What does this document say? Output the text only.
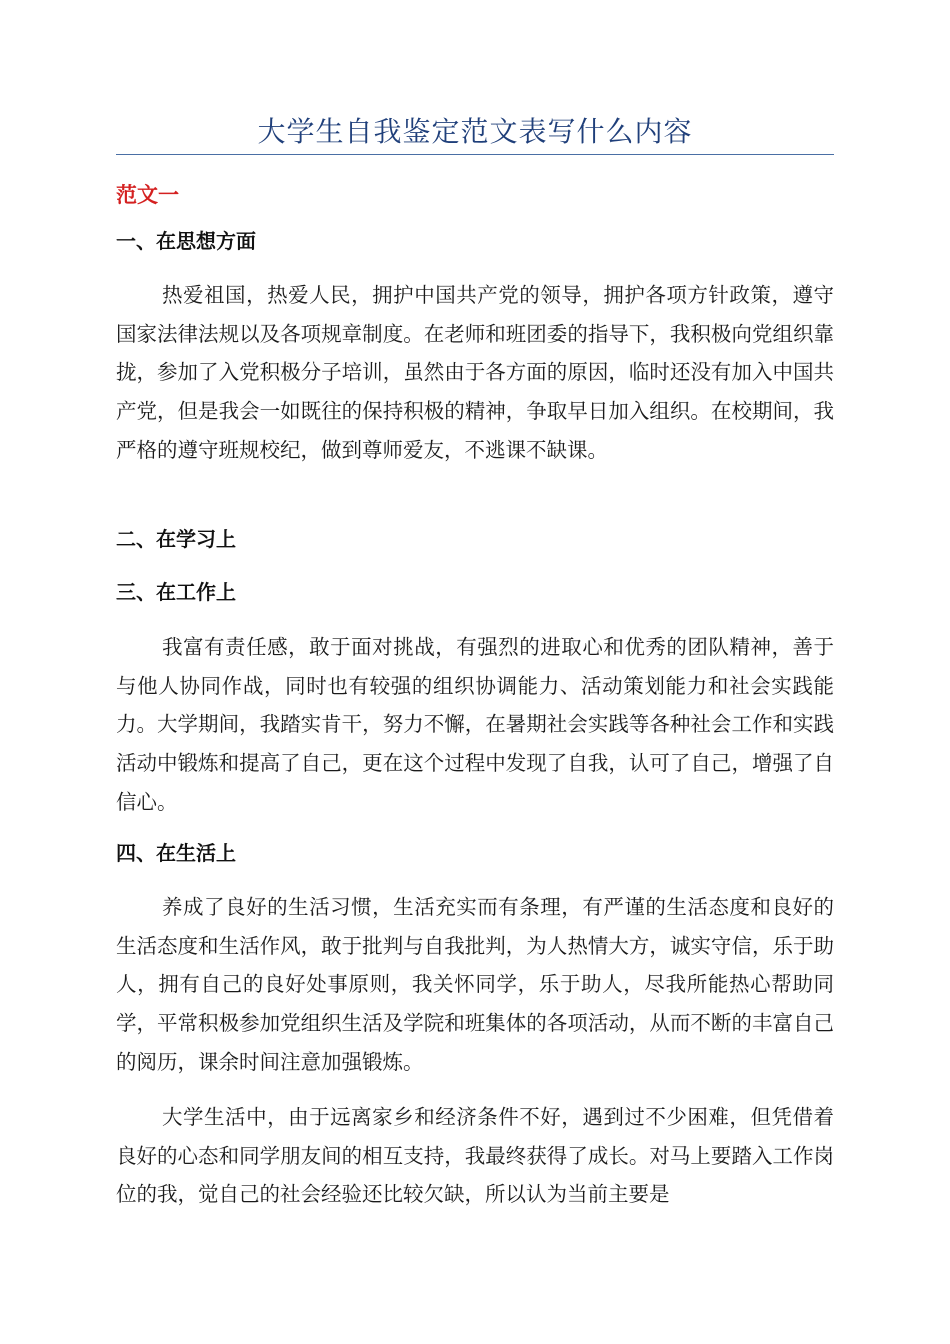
大学生自我鉴定范文表写什么内容
范文一
一、在思想方面

热爱祖国，热爱人民，拥护中国共产党的领导，拥护各项方针政策，遵守国家法律法规以及各项规章制度。在老师和班团委的指导下，我积极向党组织靠拢，参加了入党积极分子培训，虽然由于各方面的原因，临时还没有加入中国共产党，但是我会一如既往的保持积极的精神，争取早日加入组织。在校期间，我严格的遵守班规校纪，做到尊师爱友，不逃课不缺课。

二、在学习上
三、在工作上

我富有责任感，敢于面对挑战，有强烈的进取心和优秀的团队精神，善于与他人协同作战，同时也有较强的组织协调能力、活动策划能力和社会实践能力。大学期间，我踏实肯干，努力不懈，在暑期社会实践等各种社会工作和实践活动中锻炼和提高了自己，更在这个过程中发现了自我，认可了自己，增强了自信心。

四、在生活上

养成了良好的生活习惯，生活充实而有条理，有严谨的生活态度和良好的生活态度和生活作风，敢于批判与自我批判，为人热情大方，诚实守信，乐于助人，拥有自己的良好处事原则，我关怀同学，乐于助人，尽我所能热心帮助同学，平常积极参加党组织生活及学院和班集体的各项活动，从而不断的丰富自己的阅历，课余时间注意加强锻炼。

大学生活中，由于远离家乡和经济条件不好，遇到过不少困难，但凭借着良好的心态和同学朋友间的相互支持，我最终获得了成长。对马上要踏入工作岗位的我，觉自己的社会经验还比较欠缺，所以认为当前主要是
